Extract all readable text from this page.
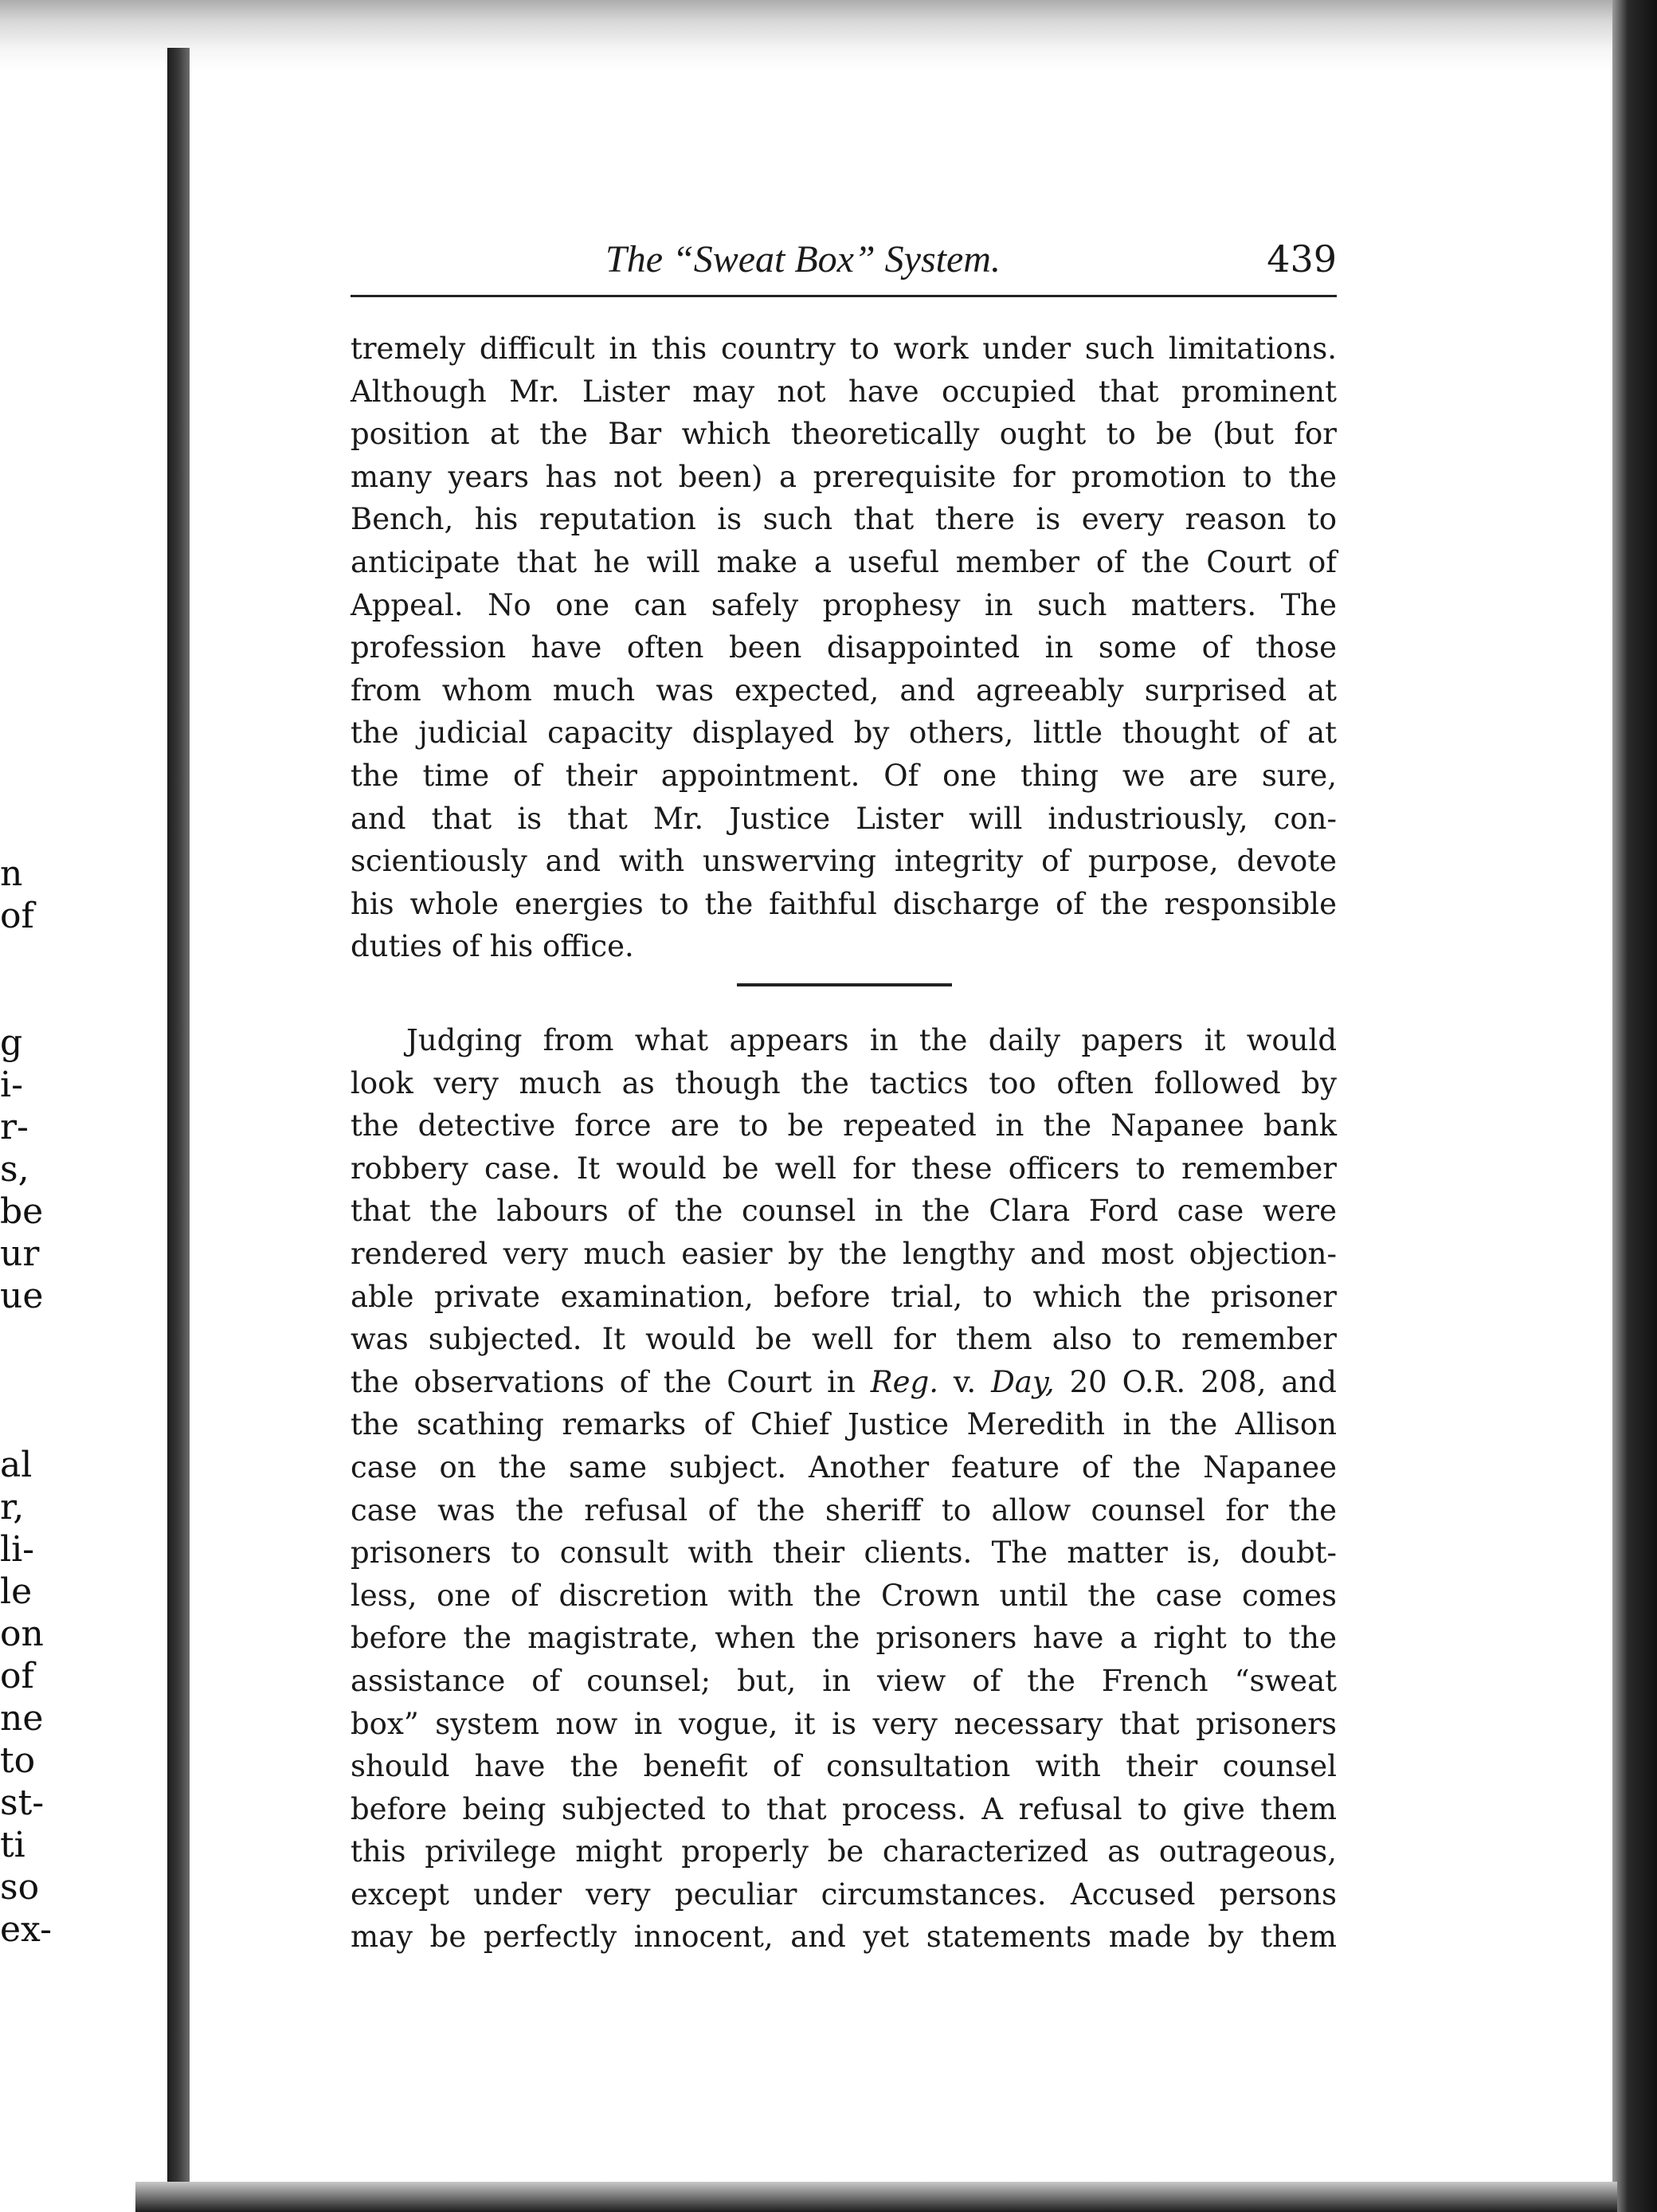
n
of
g
i-
r-
s,
be
ur
ue
al
r,
li-
le
on
of
ne
to
st-
ti
so
ex-
The “Sweat Box” System.	439
tremely difficult in this country to work under such limitations.
Although Mr. Lister may not have occupied that prominent
position at the Bar which theoretically ought to be (but for
many years has not been) a prerequisite for promotion to the
Bench, his reputation is such that there is every reason to
anticipate that he will make a useful member of the Court of
Appeal. No one can safely prophesy in such matters. The
profession have often been disappointed in some of those
from whom much was expected, and agreeably surprised at
the judicial capacity displayed by others, little thought of at
the time of their appointment. Of one thing we are sure,
and that is that Mr. Justice Lister will industriously, con-
scientiously and with unswerving integrity of purpose, devote
his whole energies to the faithful discharge of the responsible
duties of his office.
Judging from what appears in the daily papers it would
look very much as though the tactics too often followed by
the detective force are to be repeated in the Napanee bank
robbery case. It would be well for these officers to remember
that the labours of the counsel in the Clara Ford case were
rendered very much easier by the lengthy and most objection-
able private examination, before trial, to which the prisoner
was subjected. It would be well for them also to remember
the observations of the Court in Reg. v. Day, 20 O.R. 208, and
the scathing remarks of Chief Justice Meredith in the Allison
case on the same subject. Another feature of the Napanee
case was the refusal of the sheriff to allow counsel for the
prisoners to consult with their clients. The matter is, doubt-
less, one of discretion with the Crown until the case comes
before the magistrate, when the prisoners have a right to the
assistance of counsel; but, in view of the French “sweat
box” system now in vogue, it is very necessary that prisoners
should have the benefit of consultation with their counsel
before being subjected to that process. A refusal to give them
this privilege might properly be characterized as outrageous,
except under very peculiar circumstances. Accused persons
may be perfectly innocent, and yet statements made by them
